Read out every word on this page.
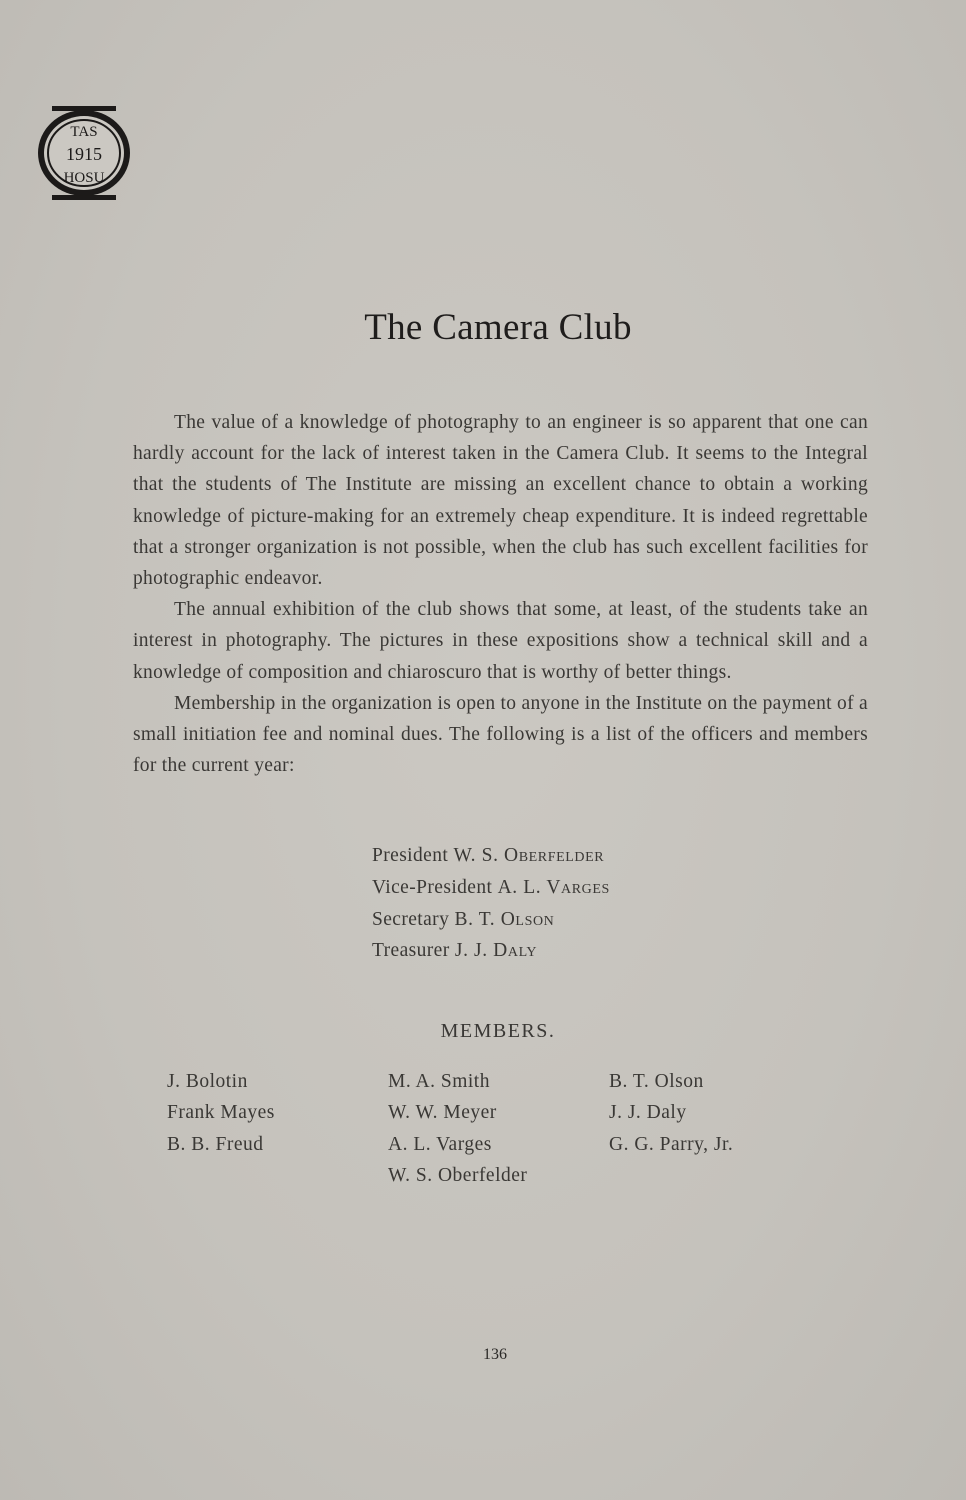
TAS
1915
HOSU
The Camera Club

The value of a knowledge of photography to an engineer is so apparent that one can hardly account for the lack of interest taken in the Camera Club. It seems to the Integral that the students of The Institute are missing an excellent chance to obtain a working knowledge of picture-making for an extremely cheap expenditure. It is indeed regrettable that a stronger organization is not possible, when the club has such excellent facilities for photographic endeavor.

The annual exhibition of the club shows that some, at least, of the students take an interest in photography. The pictures in these expositions show a technical skill and a knowledge of composition and chiaroscuro that is worthy of better things.

Membership in the organization is open to anyone in the Institute on the payment of a small initiation fee and nominal dues. The following is a list of the officers and members for the current year:

President W. S. Oberfelder
Vice-President A. L. Varges
Secretary B. T. Olson
Treasurer J. J. Daly
MEMBERS.
J. Bolotin
Frank Mayes
B. B. Freud
M. A. Smith
W. W. Meyer
A. L. Varges
W. S. Oberfelder
B. T. Olson
J. J. Daly
G. G. Parry, Jr.
136
